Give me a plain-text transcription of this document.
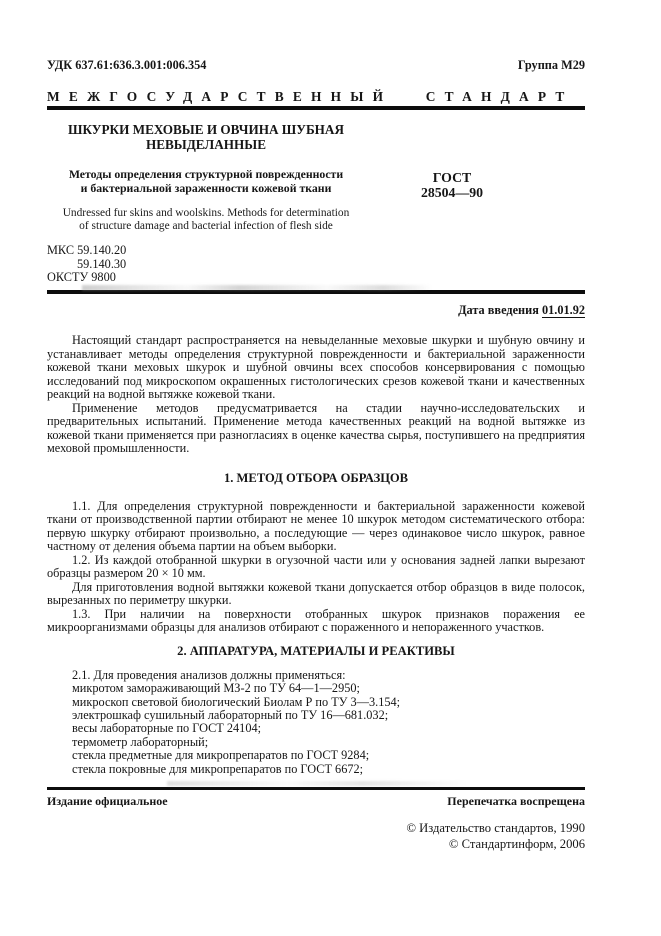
УДК 637.61:636.3.001:006.354	Группа М29
МЕЖГОСУДАРСТВЕННЫЙ СТАНДАРТ
ШКУРКИ МЕХОВЫЕ И ОВЧИНА ШУБНАЯ
НЕВЫДЕЛАННЫЕ
Методы определения структурной поврежденности
и бактериальной зараженности кожевой ткани
Undressed fur skins and woolskins. Methods for determination
of structure damage and bacterial infection of flesh side
ГОСТ
28504—90
МКС 59.140.20
59.140.30
ОКСТУ 9800
Дата введения 01.01.92

Настоящий стандарт распространяется на невыделанные меховые шкурки и шубную овчину и устанавливает методы определения структурной поврежденности и бактериальной зараженности кожевой ткани меховых шкурок и шубной овчины всех способов консервирования с помощью исследований под микроскопом окрашенных гистологических срезов кожевой ткани и качественных реакций на водной вытяжке кожевой ткани.

Применение методов предусматривается на стадии научно-исследовательских и предварительных испытаний. Применение метода качественных реакций на водной вытяжке из кожевой ткани применяется при разногласиях в оценке качества сырья, поступившего на предприятия меховой промышленности.

1. МЕТОД ОТБОРА ОБРАЗЦОВ

1.1. Для определения структурной поврежденности и бактериальной зараженности кожевой ткани от производственной партии отбирают не менее 10 шкурок методом систематического отбора: первую шкурку отбирают произвольно, а последующие — через одинаковое число шкурок, равное частному от деления объема партии на объем выборки.

1.2. Из каждой отобранной шкурки в огузочной части или у основания задней лапки вырезают образцы размером 20 × 10 мм.

Для приготовления водной вытяжки кожевой ткани допускается отбор образцов в виде полосок, вырезанных по периметру шкурки.

1.3. При наличии на поверхности отобранных шкурок признаков поражения ее микроорганизмами образцы для анализов отбирают с пораженного и непораженного участков.

2. АППАРАТУРА, МАТЕРИАЛЫ И РЕАКТИВЫ
2.1. Для проведения анализов должны применяться:
микротом замораживающий МЗ-2 по ТУ 64—1—2950;
микроскоп световой биологический Биолам Р по ТУ 3—3.154;
электрошкаф сушильный лабораторный по ТУ 16—681.032;
весы лабораторные по ГОСТ 24104;
термометр лабораторный;
стекла предметные для микропрепаратов по ГОСТ 9284;
стекла покровные для микропрепаратов по ГОСТ 6672;
Издание официальное	Перепечатка воспрещена
© Издательство стандартов, 1990
© Стандартинформ, 2006
